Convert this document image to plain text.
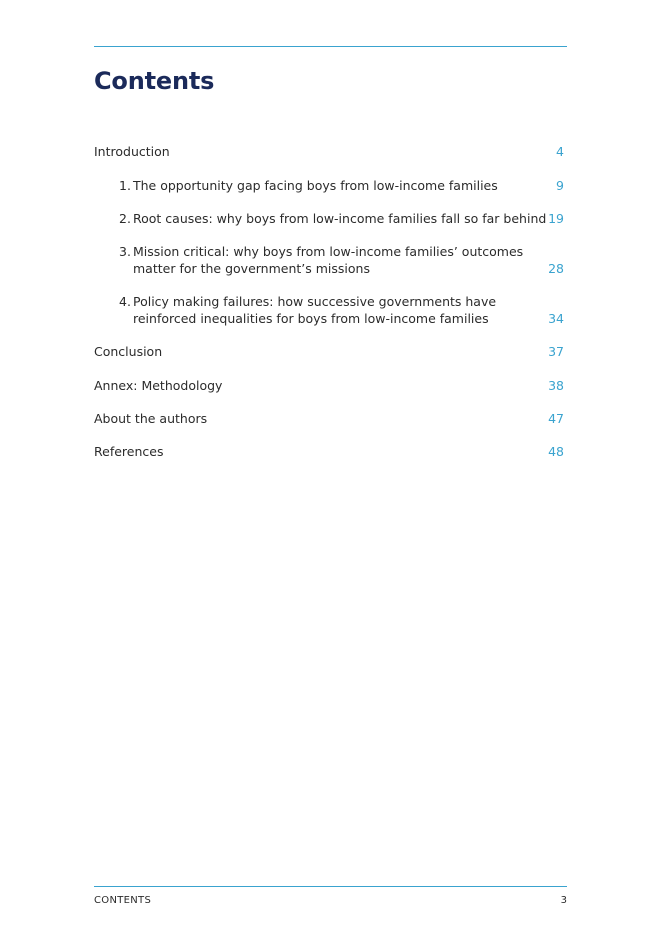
Contents
Introduction	4
1. The opportunity gap facing boys from low-income families	9
2. Root causes: why boys from low-income families fall so far behind 19
3. Mission critical: why boys from low-income families’ outcomes
matter for the government’s missions	28
4. Policy making failures: how successive governments have
reinforced inequalities for boys from low-income families	34
Conclusion	37
Annex: Methodology	38
About the authors	47
References	48
CONTENTS	3
